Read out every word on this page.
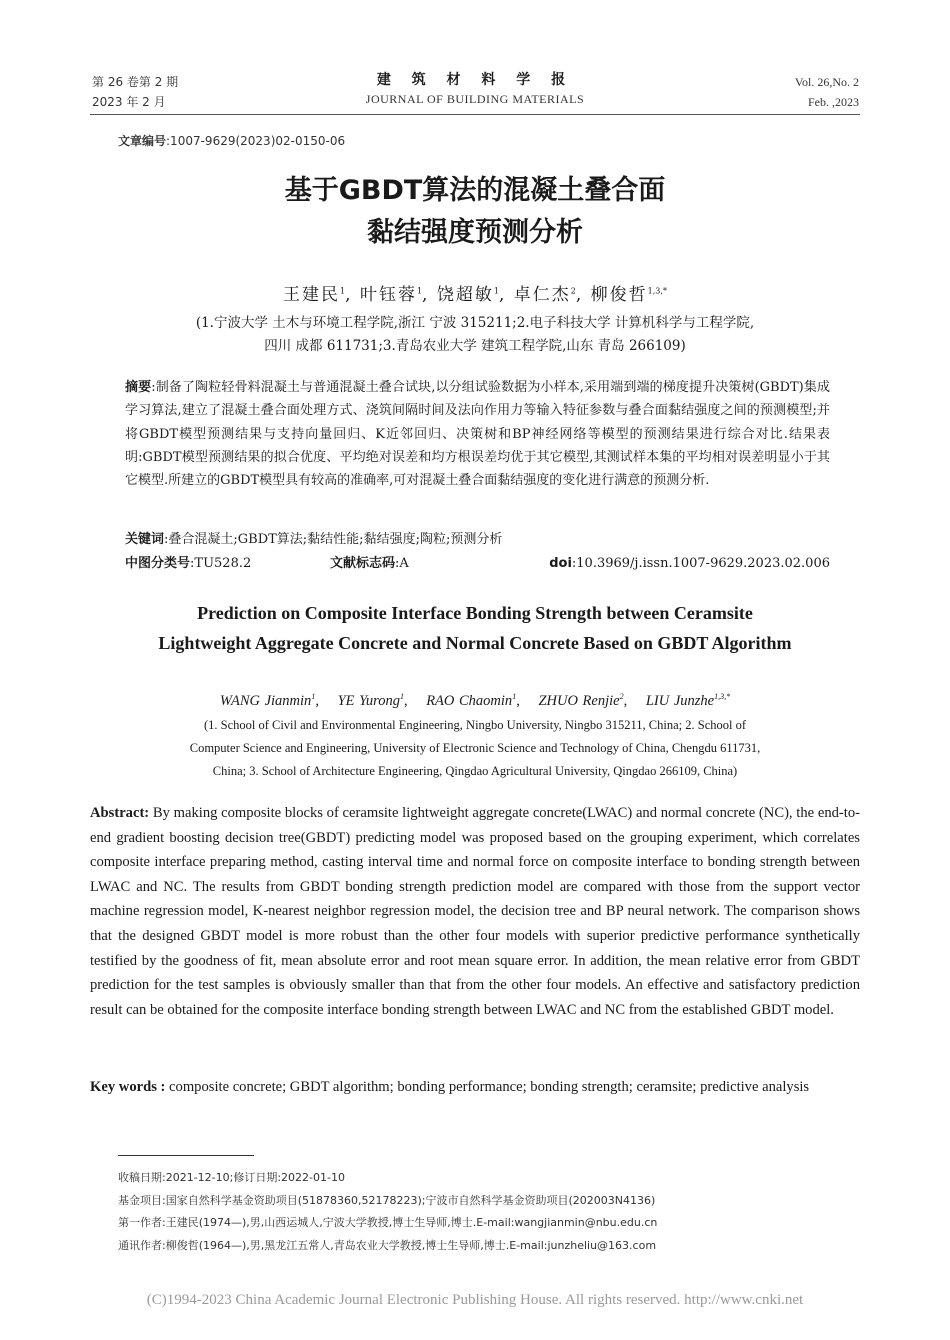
第 26 卷第 2 期
2023 年 2 月
建 筑 材 料 学 报
JOURNAL OF BUILDING MATERIALS
Vol. 26,No. 2
Feb. ,2023
文章编号:1007-9629(2023)02-0150-06
基于GBDT算法的混凝土叠合面
黏结强度预测分析
王建民$^1$, 叶钰蓉$^1$, 饶超敏$^1$, 卓仁杰$^2$, 柳俊哲$^{1,3,*}$
(1.宁波大学 土木与环境工程学院,浙江 宁波 315211;2.电子科技大学 计算机科学与工程学院,
四川 成都 611731;3.青岛农业大学 建筑工程学院,山东 青岛 266109)
摘要:制备了陶粒轻骨料混凝土与普通混凝土叠合试块,以分组试验数据为小样本,采用端到端的梯度提升决策树(GBDT)集成学习算法,建立了混凝土叠合面处理方式、浇筑间隔时间及法向作用力等输入特征参数与叠合面黏结强度之间的预测模型;并将GBDT模型预测结果与支持向量回归、K近邻回归、决策树和BP神经网络等模型的预测结果进行综合对比.结果表明:GBDT模型预测结果的拟合优度、平均绝对误差和均方根误差均优于其它模型,其测试样本集的平均相对误差明显小于其它模型.所建立的GBDT模型具有较高的准确率,可对混凝土叠合面黏结强度的变化进行满意的预测分析.
关键词:叠合混凝土;GBDT算法;黏结性能;黏结强度;陶粒;预测分析
中图分类号:TU528.2	文献标志码:A	doi:10.3969/j.issn.1007-9629.2023.02.006
Prediction on Composite Interface Bonding Strength between Ceramsite
Lightweight Aggregate Concrete and Normal Concrete Based on GBDT Algorithm
WANG Jianmin$^1$, YE Yurong$^1$, RAO Chaomin$^1$, ZHUO Renjie$^2$, LIU Junzhe$^{1,3,*}$
(1. School of Civil and Environmental Engineering, Ningbo University, Ningbo 315211, China; 2. School of
Computer Science and Engineering, University of Electronic Science and Technology of China, Chengdu 611731,
China; 3. School of Architecture Engineering, Qingdao Agricultural University, Qingdao 266109, China)
Abstract: By making composite blocks of ceramsite lightweight aggregate concrete(LWAC) and normal concrete (NC), the end-to-end gradient boosting decision tree(GBDT) predicting model was proposed based on the grouping experiment, which correlates composite interface preparing method, casting interval time and normal force on composite interface to bonding strength between LWAC and NC. The results from GBDT bonding strength prediction model are compared with those from the support vector machine regression model, K-nearest neighbor regression model, the decision tree and BP neural network. The comparison shows that the designed GBDT model is more robust than the other four models with superior predictive performance synthetically testified by the goodness of fit, mean absolute error and root mean square error. In addition, the mean relative error from GBDT prediction for the test samples is obviously smaller than that from the other four models. An effective and satisfactory prediction result can be obtained for the composite interface bonding strength between LWAC and NC from the established GBDT model.
Key words : composite concrete; GBDT algorithm; bonding performance; bonding strength; ceramsite; predictive analysis
收稿日期:2021-12-10;修订日期:2022-01-10
基金项目:国家自然科学基金资助项目(51878360,52178223);宁波市自然科学基金资助项目(202003N4136)
第一作者:王建民(1974—),男,山西运城人,宁波大学教授,博士生导师,博士.E-mail:wangjianmin@nbu.edu.cn
通讯作者:柳俊哲(1964—),男,黑龙江五常人,青岛农业大学教授,博士生导师,博士.E-mail:junzheliu@163.com
(C)1994-2023 China Academic Journal Electronic Publishing House. All rights reserved. http://www.cnki.net
